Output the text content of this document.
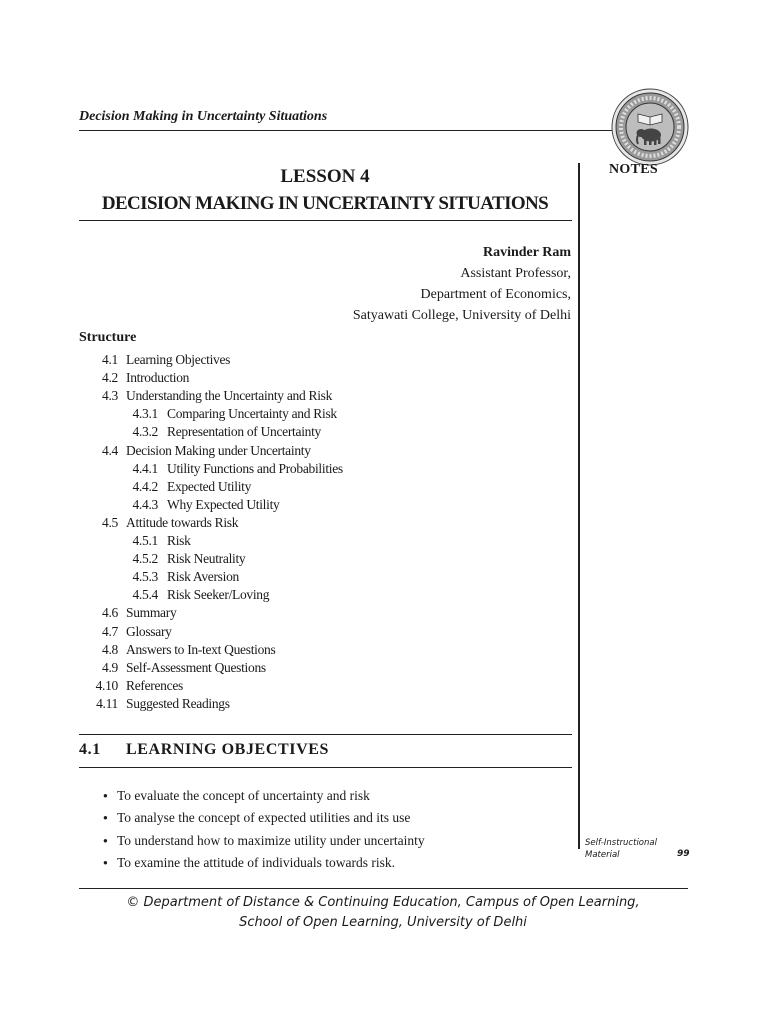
Decision Making in Uncertainty Situations
NOTES
LESSON 4
DECISION MAKING IN UNCERTAINTY SITUATIONS
Ravinder Ram
Assistant Professor,
Department of Economics,
Satyawati College, University of Delhi
Structure
4.1 Learning Objectives
4.2 Introduction
4.3 Understanding the Uncertainty and Risk
4.3.1 Comparing Uncertainty and Risk
4.3.2 Representation of Uncertainty
4.4 Decision Making under Uncertainty
4.4.1 Utility Functions and Probabilities
4.4.2 Expected Utility
4.4.3 Why Expected Utility
4.5 Attitude towards Risk
4.5.1 Risk
4.5.2 Risk Neutrality
4.5.3 Risk Aversion
4.5.4 Risk Seeker/Loving
4.6 Summary
4.7 Glossary
4.8 Answers to In-text Questions
4.9 Self-Assessment Questions
4.10 References
4.11 Suggested Readings
4.1 LEARNING OBJECTIVES
● To evaluate the concept of uncertainty and risk
● To analyse the concept of expected utilities and its use
● To understand how to maximize utility under uncertainty
● To examine the attitude of individuals towards risk.
Self-Instructional
Material	99
© Department of Distance & Continuing Education, Campus of Open Learning,
School of Open Learning, University of Delhi
